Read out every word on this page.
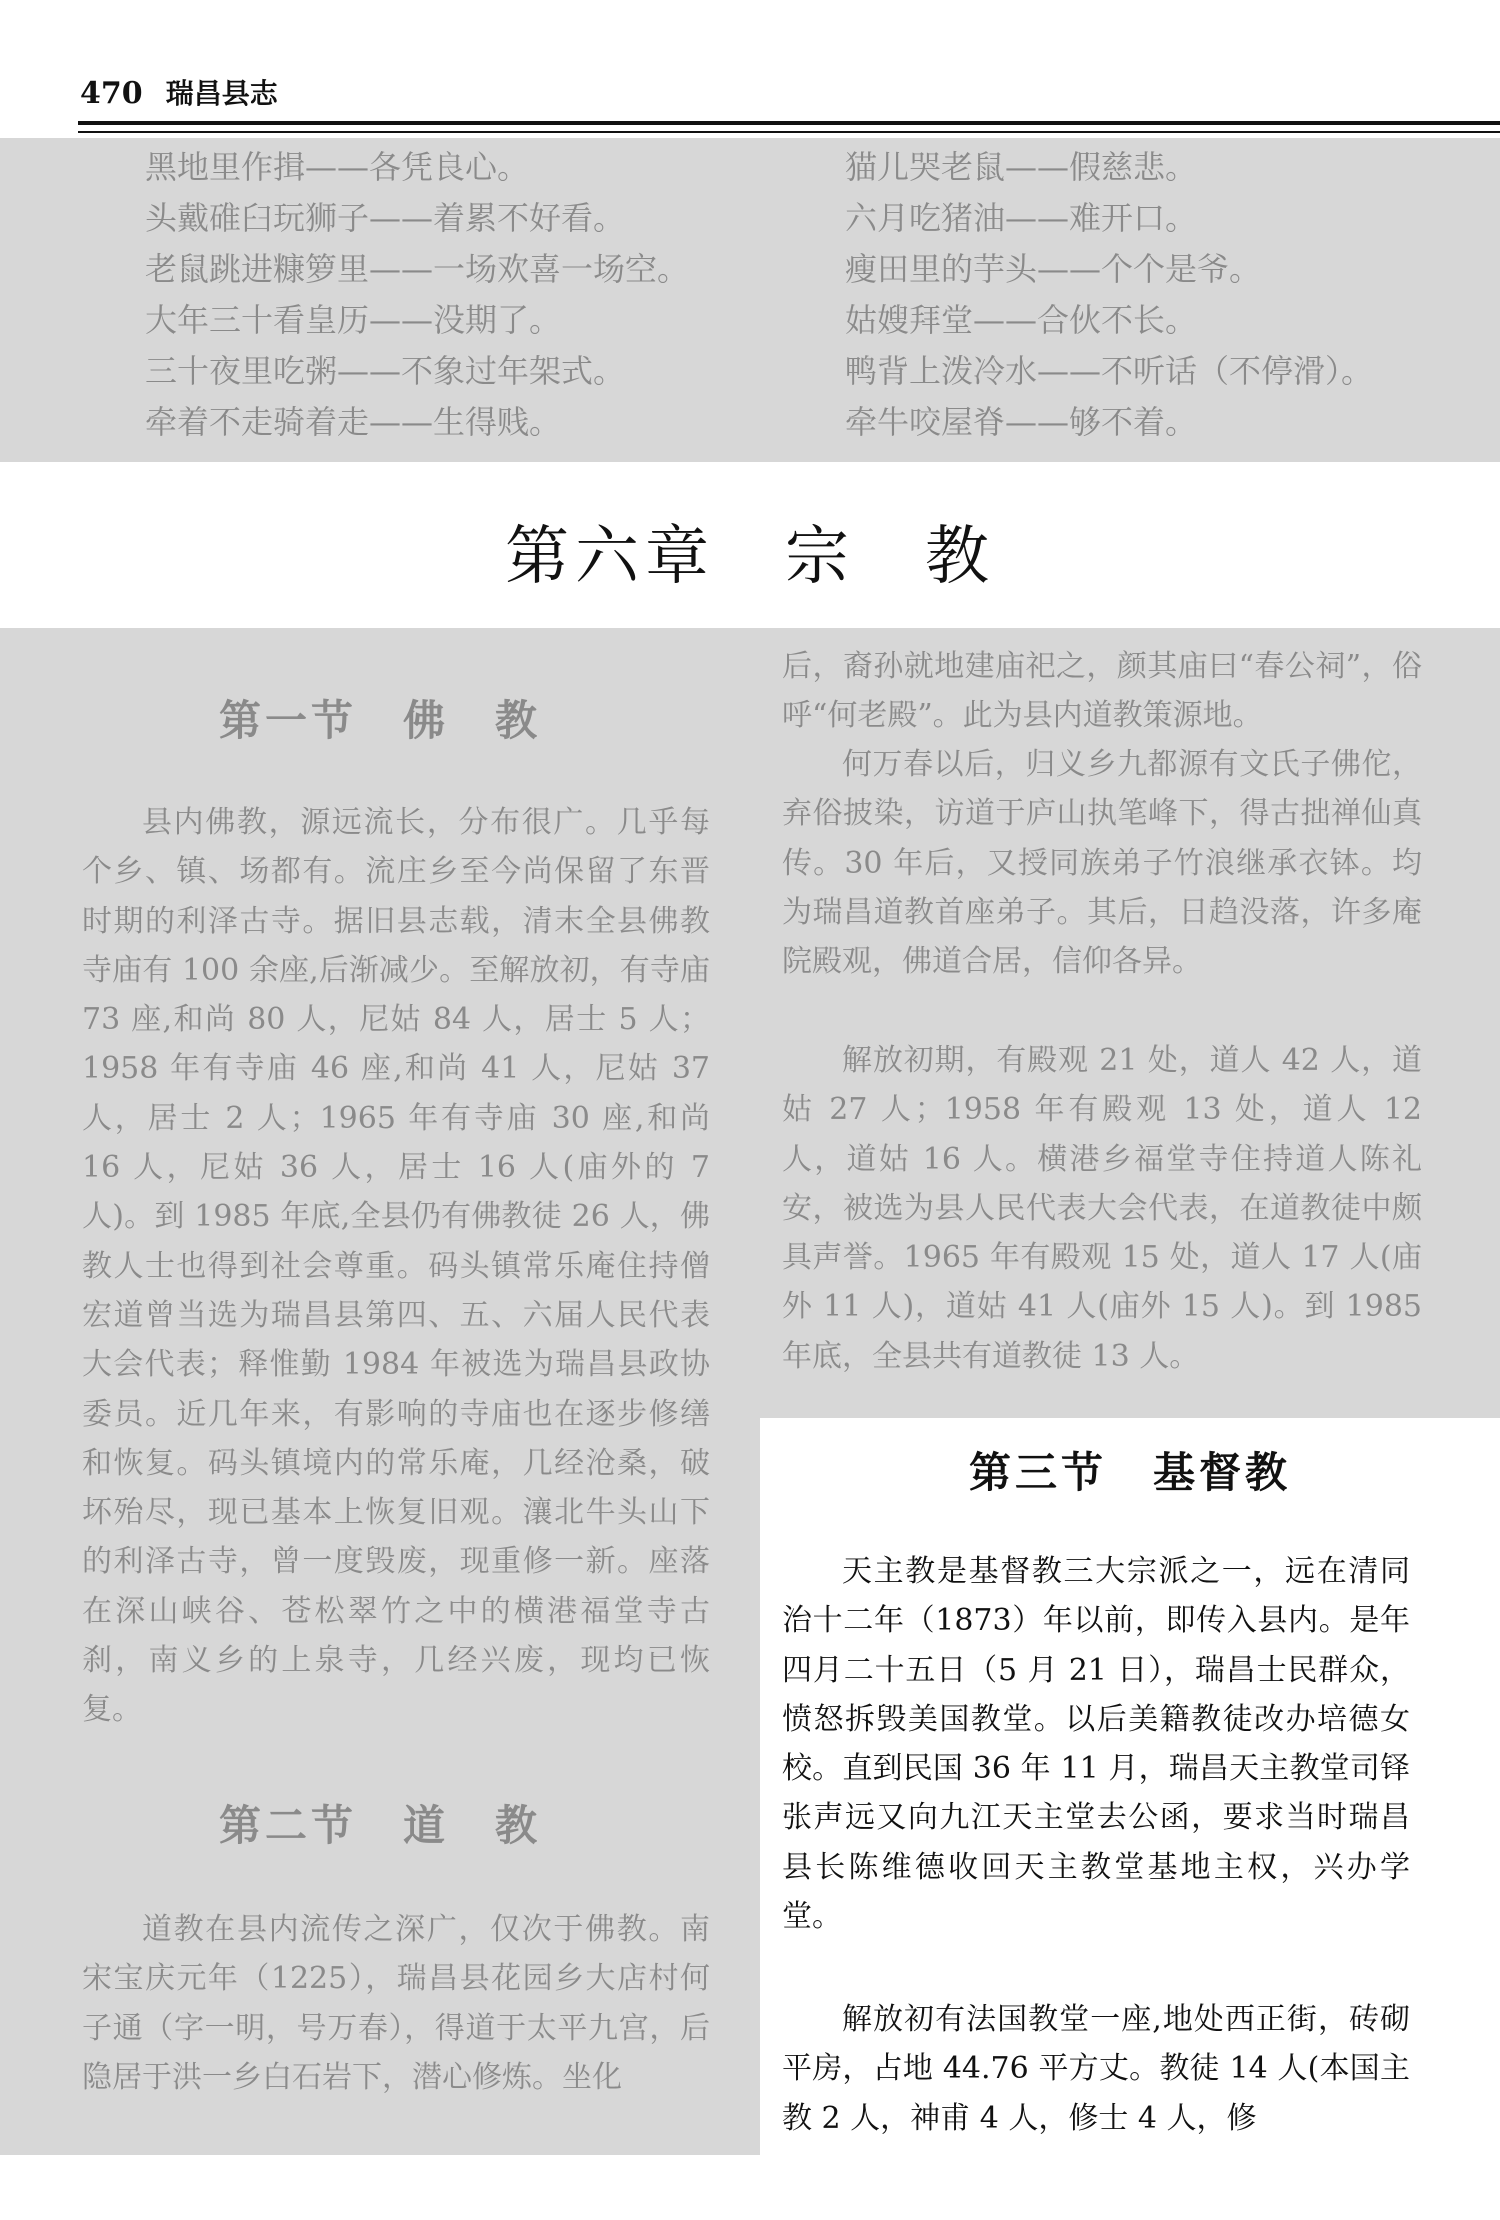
470 瑞昌县志
黑地里作揖——各凭良心。
头戴碓臼玩狮子——着累不好看。
老鼠跳进糠箩里——一场欢喜一场空。
大年三十看皇历——没期了。
三十夜里吃粥——不象过年架式。
牵着不走骑着走——生得贱。
猫儿哭老鼠——假慈悲。
六月吃猪油——难开口。
瘦田里的芋头——个个是爷。
姑嫂拜堂——合伙不长。
鸭背上泼冷水——不听话（不停滑）。
牵牛咬屋脊——够不着。
第六章　宗　教
第一节　佛　教

县内佛教，源远流长，分布很广。几乎每个乡、镇、场都有。流庄乡至今尚保留了东晋时期的利泽古寺。据旧县志载，清末全县佛教寺庙有 100 余座,后渐减少。至解放初，有寺庙 73 座,和尚 80 人，尼姑 84 人，居士 5 人；1958 年有寺庙 46 座,和尚 41 人，尼姑 37 人，居士 2 人；1965 年有寺庙 30 座,和尚 16 人，尼姑 36 人，居士 16 人(庙外的 7 人)。到 1985 年底,全县仍有佛教徒 26 人，佛教人士也得到社会尊重。码头镇常乐庵住持僧宏道曾当选为瑞昌县第四、五、六届人民代表大会代表；释惟勤 1984 年被选为瑞昌县政协委员。近几年来，有影响的寺庙也在逐步修缮和恢复。码头镇境内的常乐庵，几经沧桑，破坏殆尽，现已基本上恢复旧观。瀼北牛头山下的利泽古寺，曾一度毁废，现重修一新。座落在深山峡谷、苍松翠竹之中的横港福堂寺古刹，南义乡的上泉寺，几经兴废，现均已恢复。

第二节　道　教

道教在县内流传之深广，仅次于佛教。南宋宝庆元年（1225），瑞昌县花园乡大店村何子通（字一明，号万春），得道于太平九宫，后隐居于洪一乡白石岩下，潜心修炼。坐化

后，裔孙就地建庙祀之，颜其庙曰“春公祠”，俗呼“何老殿”。此为县内道教策源地。

何万春以后，归义乡九都源有文氏子佛佗，弃俗披染，访道于庐山执笔峰下，得古拙禅仙真传。30 年后，又授同族弟子竹浪继承衣钵。均为瑞昌道教首座弟子。其后，日趋没落，许多庵院殿观，佛道合居，信仰各异。

解放初期，有殿观 21 处，道人 42 人，道姑 27 人；1958 年有殿观 13 处，道人 12 人，道姑 16 人。横港乡福堂寺住持道人陈礼安，被选为县人民代表大会代表，在道教徒中颇具声誉。1965 年有殿观 15 处，道人 17 人(庙外 11 人)，道姑 41 人(庙外 15 人)。到 1985 年底，全县共有道教徒 13 人。

第三节　基督教

天主教是基督教三大宗派之一，远在清同治十二年（1873）年以前，即传入县内。是年四月二十五日（5 月 21 日），瑞昌士民群众，愤怒拆毁美国教堂。以后美籍教徒改办培德女校。直到民国 36 年 11 月，瑞昌天主教堂司铎张声远又向九江天主堂去公函，要求当时瑞昌县长陈维德收回天主教堂基地主权，兴办学堂。

解放初有法国教堂一座,地处西正街，砖砌平房，占地 44.76 平方丈。教徒 14 人(本国主教 2 人，神甫 4 人，修士 4 人，修
